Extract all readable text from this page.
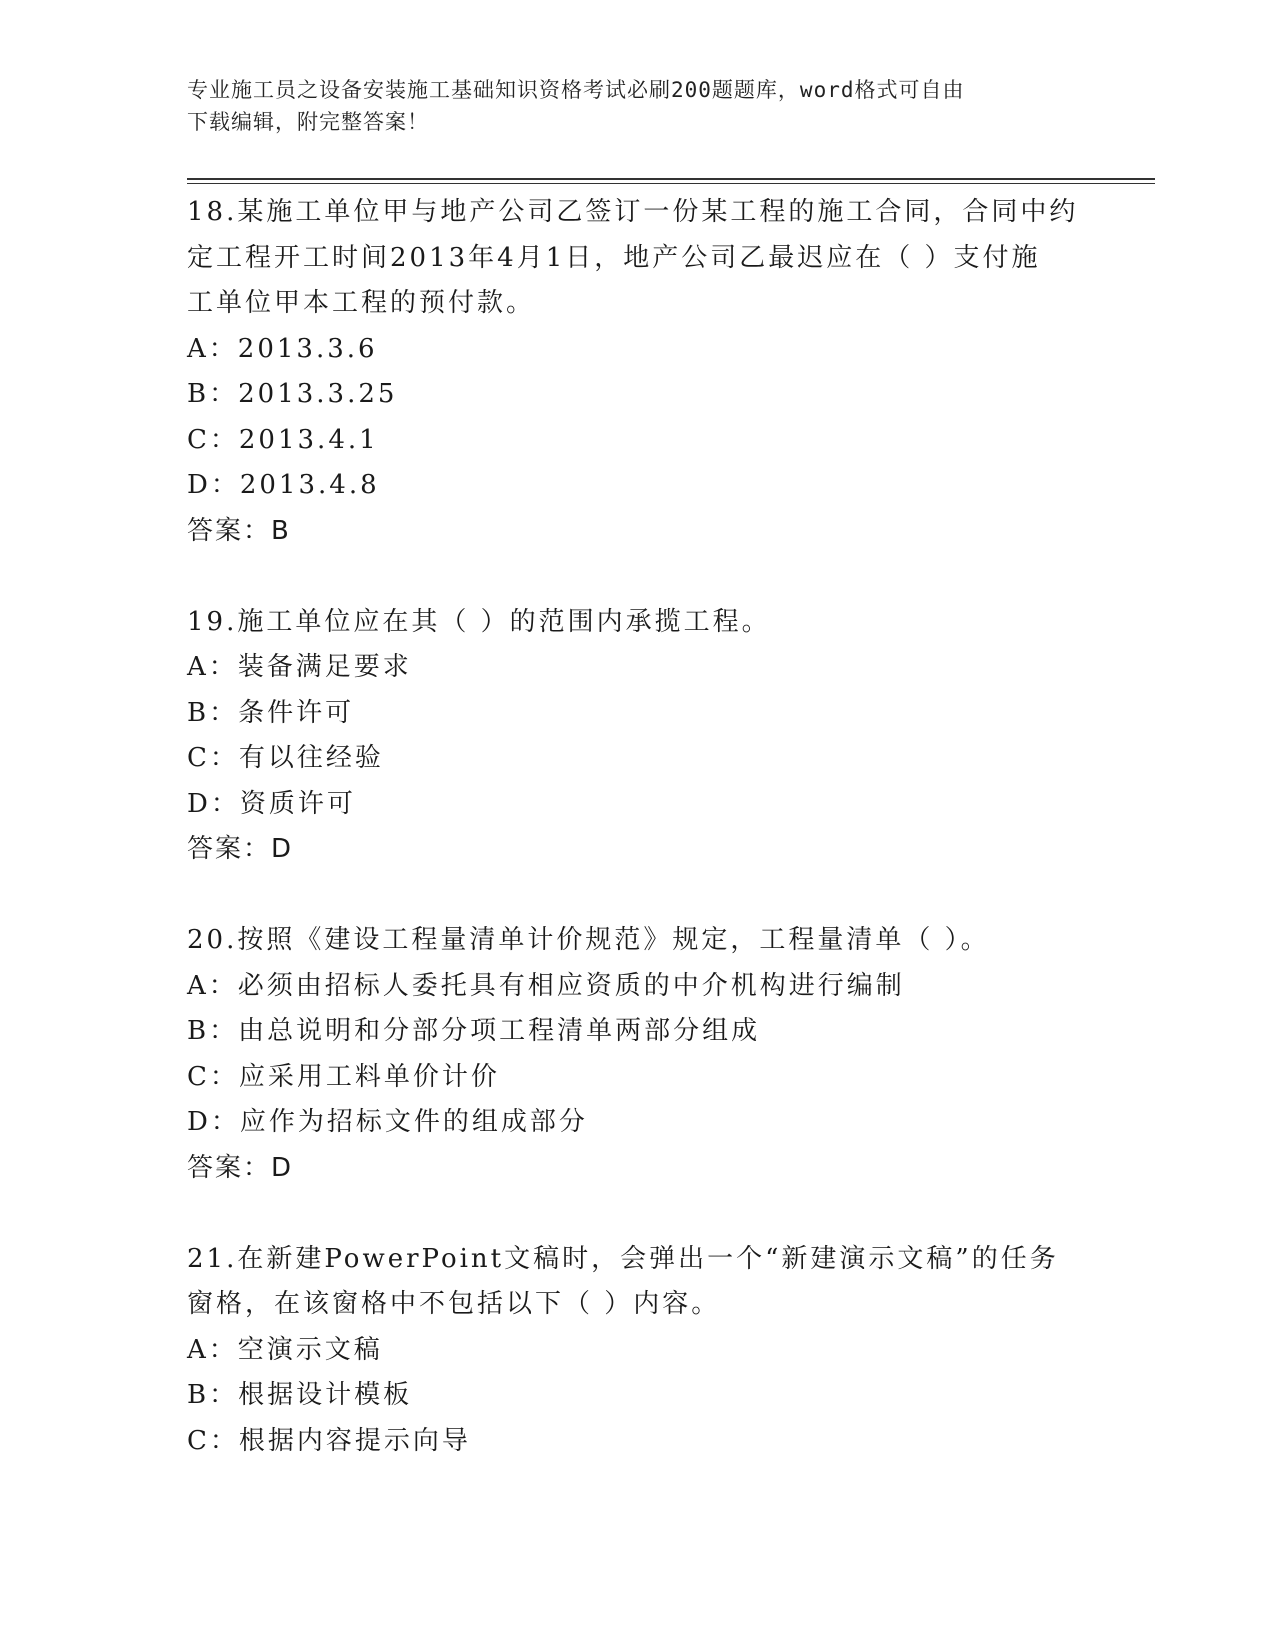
专业施工员之设备安装施工基础知识资格考试必刷200题题库，word格式可自由
下载编辑，附完整答案！

18.某施工单位甲与地产公司乙签订一份某工程的施工合同，合同中约

定工程开工时间2013年4月1日，地产公司乙最迟应在（ ）支付施

工单位甲本工程的预付款。

A：2013.3.6

B：2013.3.25

C：2013.4.1

D：2013.4.8

答案：B

19.施工单位应在其（ ）的范围内承揽工程。

A：装备满足要求

B：条件许可

C：有以往经验

D：资质许可

答案：D

20.按照《建设工程量清单计价规范》规定，工程量清单（ ）。

A：必须由招标人委托具有相应资质的中介机构进行编制

B：由总说明和分部分项工程清单两部分组成

C：应采用工料单价计价

D：应作为招标文件的组成部分

答案：D

21.在新建PowerPoint文稿时，会弹出一个“新建演示文稿”的任务

窗格，在该窗格中不包括以下（ ）内容。

A：空演示文稿

B：根据设计模板

C：根据内容提示向导
